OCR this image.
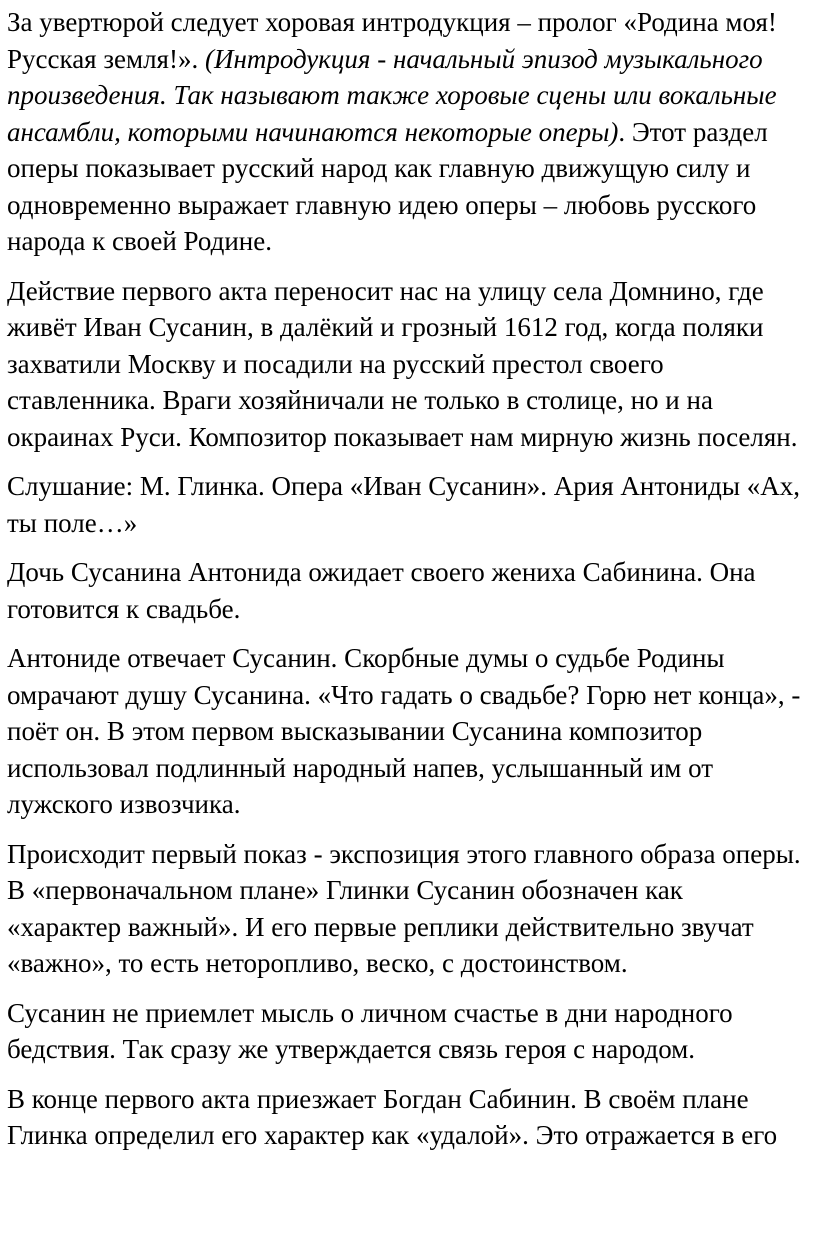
За увертюрой следует хоровая интродукция – пролог «Родина моя! Русская земля!». (Интродукция - начальный эпизод музыкального произведения. Так называют также хоровые сцены или вокальные ансамбли, которыми начинаются некоторые оперы). Этот раздел оперы показывает русский народ как главную движущую силу и одновременно выражает главную идею оперы – любовь русского народа к своей Родине.

Действие первого акта переносит нас на улицу села Домнино, где живёт Иван Сусанин, в далёкий и грозный 1612 год, когда поляки захватили Москву и посадили на русский престол своего ставленника. Враги хозяйничали не только в столице, но и на окраинах Руси. Композитор показывает нам мирную жизнь поселян.

Слушание: М. Глинка. Опера «Иван Сусанин». Ария Антониды «Ах, ты поле…»

Дочь Сусанина Антонида ожидает своего жениха Сабинина. Она готовится к свадьбе.

Антониде отвечает Сусанин. Скорбные думы о судьбе Родины омрачают душу Сусанина. «Что гадать о свадьбе? Горю нет конца», - поёт он. В этом первом высказывании Сусанина композитор использовал подлинный народный напев, услышанный им от лужского извозчика.

Происходит первый показ - экспозиция этого главного образа оперы. В «первоначальном плане» Глинки Сусанин обозначен как «характер важный». И его первые реплики действительно звучат «важно», то есть неторопливо, веско, с достоинством.

Сусанин не приемлет мысль о личном счастье в дни народного бедствия. Так сразу же утверждается связь героя с народом.

В конце первого акта приезжает Богдан Сабинин. В своём плане Глинка определил его характер как «удалой». Это отражается в его
